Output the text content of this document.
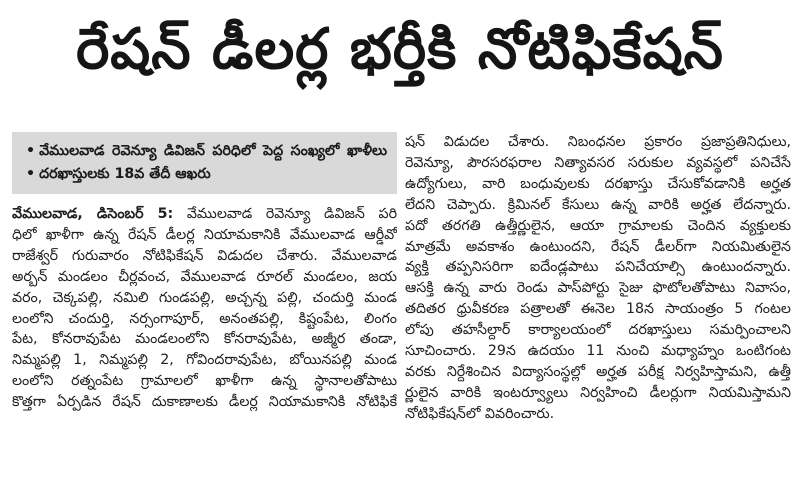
రేషన్‌ డీలర్ల భర్తీకి నోటిఫికేషన్‌
• వేములవాడ రెవెన్యూ డివిజన్‌ పరిధిలో పెద్ద సంఖ్యలో ఖాళీలు • దరఖాస్తులకు 18వ తేదీ ఆఖరు
వేములవాడ, డిసెంబర్‌ 5: వేములవాడ రెవెన్యూ డివిజన్‌ పరి
ధిలో ఖాళీగా ఉన్న రేషన్‌ డీలర్ల నియామకానికి వేములవాడ ఆర్డీవో
రాజేశ్వర్‌ గురువారం నోటిఫికేషన్‌ విడుదల చేశారు. వేములవాడ
అర్బన్‌ మండలం చీర్లవంచ, వేములవాడ రూరల్‌ మండలం, జయ
వరం, చెక్కపల్లి, నమిలి గుండపల్లి, అచ్చన్న పల్లి, చందుర్తి మండ
లంలోని చందుర్తి, నర్సంగాపూర్‌, అనంతపల్లి, కిష్టంపేట, లింగం
పేట, కోనరావుపేట మండలంలోని కోనరావుపేట, అజ్మీర తండా,
నిమ్మపల్లి 1, నిమ్మపల్లి 2, గోవిందరావుపేట, బోయినపల్లి మండ
లంలోని రత్నంపేట గ్రామాలలో ఖాళీగా ఉన్న స్థానాలతోపాటు
కొత్తగా ఏర్పడిన రేషన్‌ దుకాణాలకు డీలర్ల నియామకానికి నోటిఫికే
షన్‌ విడుదల చేశారు. నిబంధనల ప్రకారం ప్రజాప్రతినిధులు,
రెవెన్యూ, పౌరసరఫరాల నిత్యావసర సరుకుల వ్యవస్థలో పనిచేసే
ఉద్యోగులు, వారి బంధువులకు దరఖాస్తు చేసుకోవడానికి అర్హత
లేదని చెప్పారు. క్రిమినల్‌ కేసులు ఉన్న వారికి అర్హత లేదన్నారు.
పదో తరగతి ఉత్తీర్ణులైన, ఆయా గ్రామాలకు చెందిన వ్యక్తులకు
మాత్రమే అవకాశం ఉంటుందని, రేషన్‌ డీలర్‌గా నియమితులైన
వ్యక్తి తప్పనిసరిగా ఐదేండ్లపాటు పనిచేయాల్సి ఉంటుందన్నారు.
ఆసక్తి ఉన్న వారు రెండు పాస్‌పోర్టు సైజు ఫొటోలతోపాటు నివాసం,
తదితర ధ్రువీకరణ పత్రాలతో ఈనెల 18న సాయంత్రం 5 గంటల
లోపు తహసీల్దార్‌ కార్యాలయంలో దరఖాస్తులు సమర్పించాలని
సూచించారు. 29న ఉదయం 11 నుంచి మధ్యాహ్నం ఒంటిగంట
వరకు నిర్దేశించిన విద్యాసంస్థల్లో అర్హత పరీక్ష నిర్వహిస్తామని, ఉత్తీ
ర్ణులైన వారికి ఇంటర్వ్యూలు నిర్వహించి డీలర్లుగా నియమిస్తామని
నోటిఫికేషన్‌లో వివరించారు.
